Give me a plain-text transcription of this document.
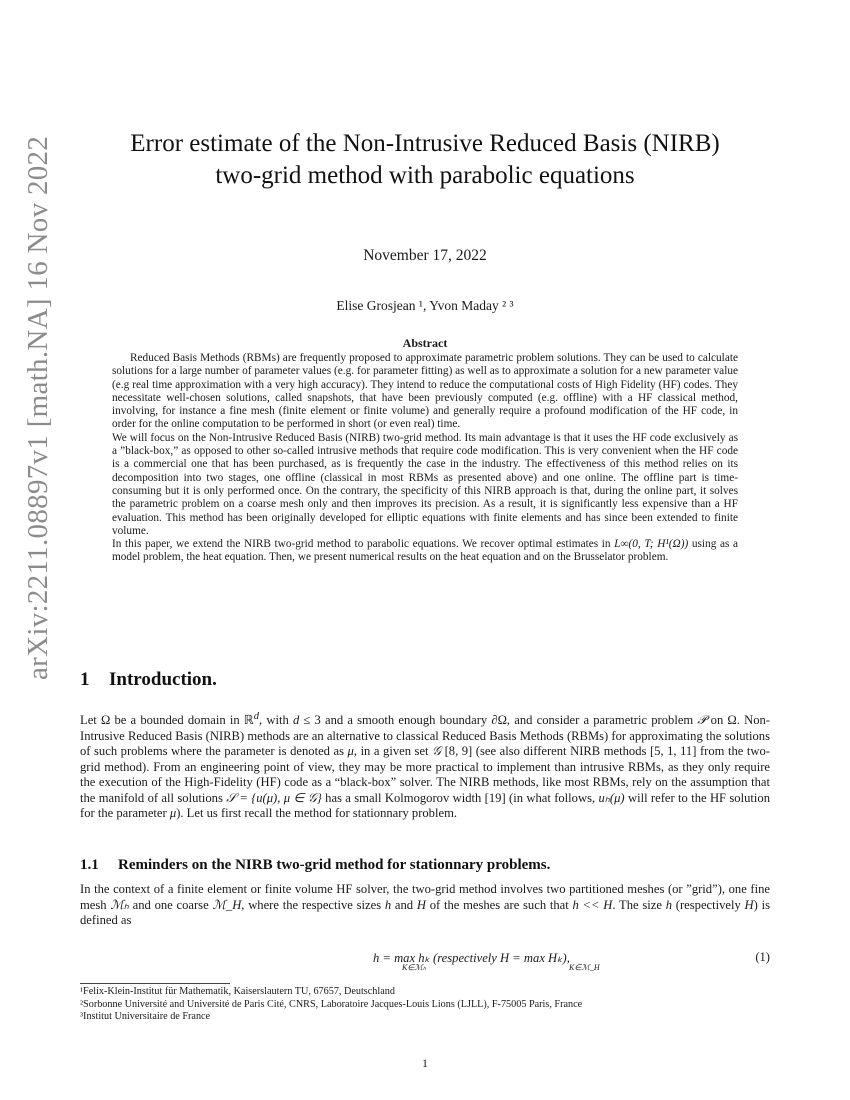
arXiv:2211.08897v1 [math.NA] 16 Nov 2022	Error estimate of the Non-Intrusive Reduced Basis (NIRB)
two-grid method with parabolic equations
November 17, 2022
Elise Grosjean ¹, Yvon Maday ² ³
Abstract

Reduced Basis Methods (RBMs) are frequently proposed to approximate parametric problem solutions. They can be used to calculate solutions for a large number of parameter values (e.g. for parameter fitting) as well as to approximate a solution for a new parameter value (e.g real time approximation with a very high accuracy). They intend to reduce the computational costs of High Fidelity (HF) codes. They necessitate well-chosen solutions, called snapshots, that have been previously computed (e.g. offline) with a HF classical method, involving, for instance a fine mesh (finite element or finite volume) and generally require a profound modification of the HF code, in order for the online computation to be performed in short (or even real) time.

We will focus on the Non-Intrusive Reduced Basis (NIRB) two-grid method. Its main advantage is that it uses the HF code exclusively as a ”black-box,” as opposed to other so-called intrusive methods that require code modification. This is very convenient when the HF code is a commercial one that has been purchased, as is frequently the case in the industry. The effectiveness of this method relies on its decomposition into two stages, one offline (classical in most RBMs as presented above) and one online. The offline part is time-consuming but it is only performed once. On the contrary, the specificity of this NIRB approach is that, during the online part, it solves the parametric problem on a coarse mesh only and then improves its precision. As a result, it is significantly less expensive than a HF evaluation. This method has been originally developed for elliptic equations with finite elements and has since been extended to finite volume.

In this paper, we extend the NIRB two-grid method to parabolic equations. We recover optimal estimates in L∞(0, T; H¹(Ω)) using as a model problem, the heat equation. Then, we present numerical results on the heat equation and on the Brusselator problem.

1 Introduction.

Let Ω be a bounded domain in ℝ$^d$, with d ≤ 3 and a smooth enough boundary ∂Ω, and consider a parametric problem 𝒫 on Ω. Non-Intrusive Reduced Basis (NIRB) methods are an alternative to classical Reduced Basis Methods (RBMs) for approximating the solutions of such problems where the parameter is denoted as μ, in a given set 𝒢 [8, 9] (see also different NIRB methods [5, 1, 11] from the two-grid method). From an engineering point of view, they may be more practical to implement than intrusive RBMs, as they only require the execution of the High-Fidelity (HF) code as a “black-box” solver. The NIRB methods, like most RBMs, rely on the assumption that the manifold of all solutions 𝒮 = {u(μ), μ ∈ 𝒢} has a small Kolmogorov width [19] (in what follows, uₕ(μ) will refer to the HF solution for the parameter μ). Let us first recall the method for stationnary problem.

1.1 Reminders on the NIRB two-grid method for stationnary problems.

In the context of a finite element or finite volume HF solver, the two-grid method involves two partitioned meshes (or ”grid”), one fine mesh ℳₕ and one coarse ℳ_H, where the respective sizes h and H of the meshes are such that h << H. The size h (respectively H) is defined as

h = max hₖ (respectively H = max Hₖ),
K∈ℳₕ	K∈ℳ_H
(1)
¹Felix-Klein-Institut für Mathematik, Kaiserslautern TU, 67657, Deutschland
²Sorbonne Université and Université de Paris Cité, CNRS, Laboratoire Jacques-Louis Lions (LJLL), F-75005 Paris, France
³Institut Universitaire de France
1
